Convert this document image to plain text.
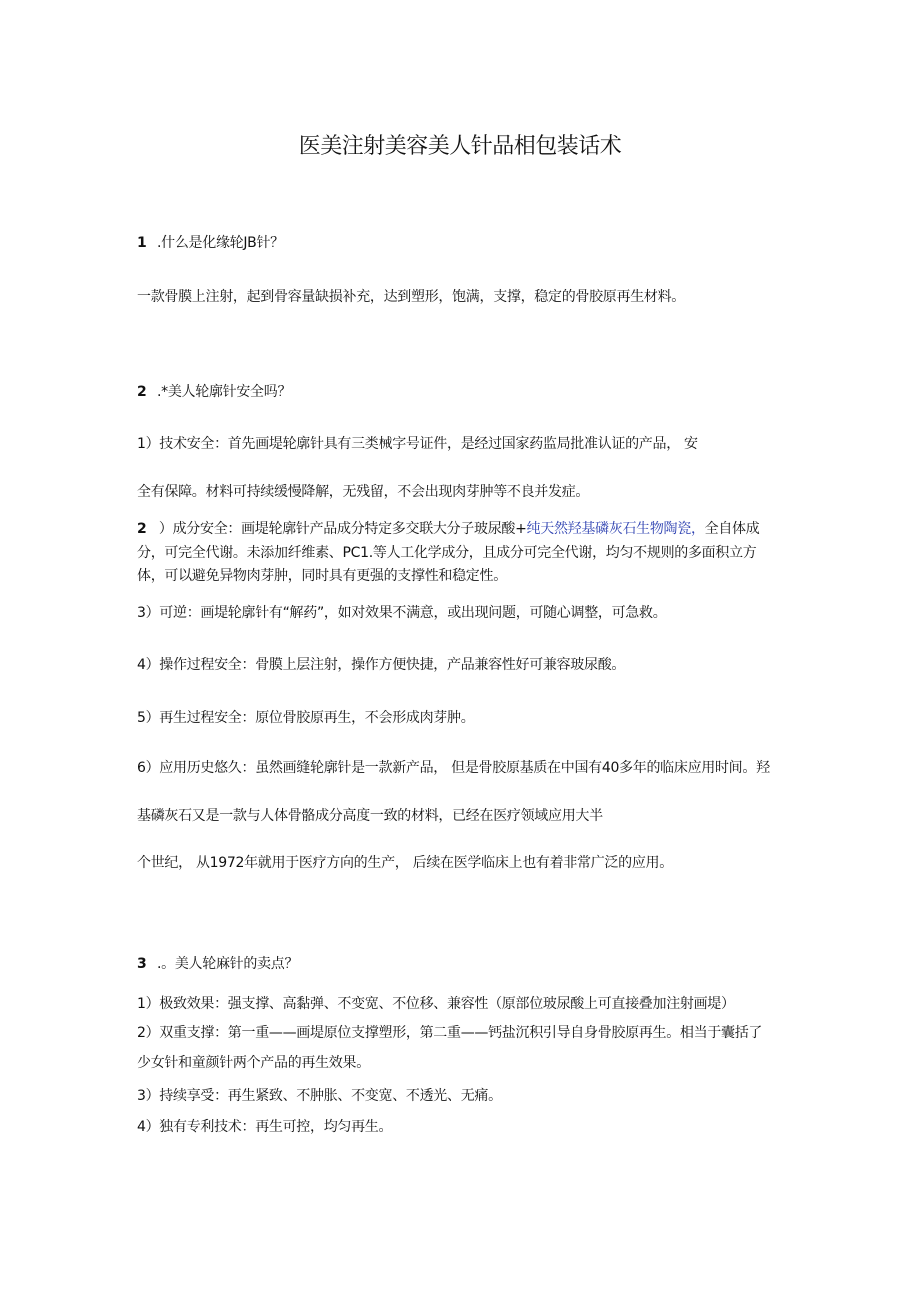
医美注射美容美人针品相包装话术
1 .什么是化缘轮JB针？
一款骨膜上注射，起到骨容量缺损补充，达到塑形，饱满，支撑，稳定的骨胶原再生材料。
2 .*美人轮廓针安全吗？
1）技术安全：首先画堤轮廓针具有三类械字号证件，是经过国家药监局批准认证的产品， 安
全有保障。材料可持续缓慢降解，无残留，不会出现肉芽肿等不良并发症。
2 ）成分安全：画堤轮廓针产品成分特定多交联大分子玻尿酸+纯天然羟基磷灰石生物陶瓷，全自体成
分，可完全代谢。未添加纤维素、PC1.等人工化学成分，且成分可完全代谢，均匀不规则的多面积立方
体，可以避免异物肉芽肿，同时具有更强的支撑性和稳定性。
3）可逆：画堤轮廓针有“解药”，如对效果不满意，或出现问题，可随心调整，可急救。
4）操作过程安全：骨膜上层注射，操作方便快捷，产品兼容性好可兼容玻尿酸。
5）再生过程安全：原位骨胶原再生，不会形成肉芽肿。
6）应用历史悠久：虽然画缝轮廓针是一款新产品， 但是骨胶原基质在中国有40多年的临床应用时间。羟
基磷灰石又是一款与人体骨骼成分高度一致的材料，已经在医疗领域应用大半
个世纪， 从1972年就用于医疗方向的生产， 后续在医学临床上也有着非常广泛的应用。
3 .。美人轮麻针的卖点？
1）极致效果：强支撑、高黏弹、不变宽、不位移、兼容性（原部位玻尿酸上可直接叠加注射画堤）
2）双重支撑：第一重——画堤原位支撑塑形，第二重——钙盐沉积引导自身骨胶原再生。相当于囊括了
少女针和童颜针两个产品的再生效果。
3）持续享受：再生紧致、不肿胀、不变宽、不透光、无痛。
4）独有专利技术：再生可控，均匀再生。
